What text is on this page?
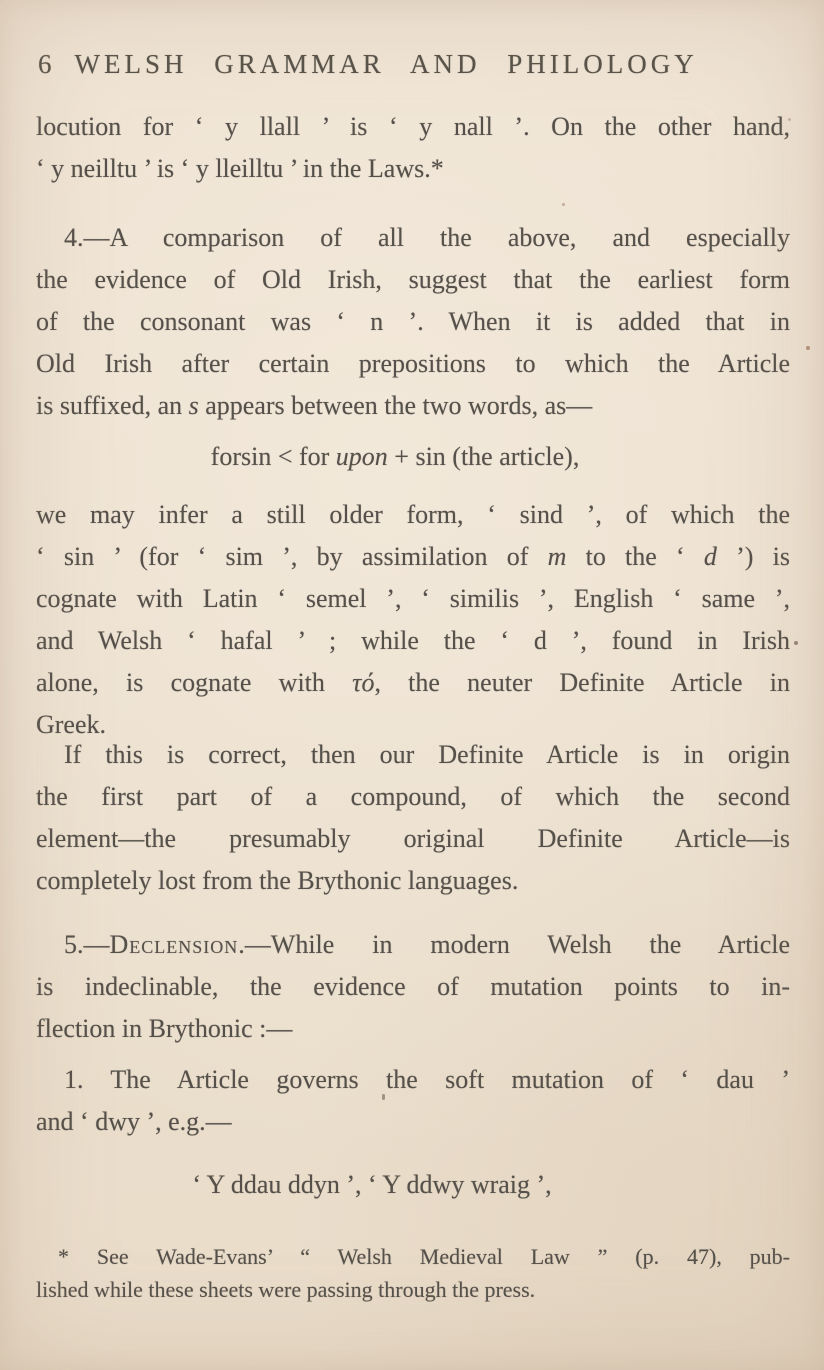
6 WELSH GRAMMAR AND PHILOLOGY
locution for ‘ y llall ’ is ‘ y nall ’. On the other hand,
‘ y neilltu ’ is ‘ y lleilltu ’ in the Laws.*
4.—A comparison of all the above, and especially
the evidence of Old Irish, suggest that the earliest form
of the consonant was ‘ n ’. When it is added that in
Old Irish after certain prepositions to which the Article
is suffixed, an s appears between the two words, as—
forsin < for upon + sin (the article),
we may infer a still older form, ‘ sind ’, of which the
‘ sin ’ (for ‘ sim ’, by assimilation of m to the ‘ d ’) is
cognate with Latin ‘ semel ’, ‘ similis ’, English ‘ same ’,
and Welsh ‘ hafal ’ ; while the ‘ d ’, found in Irish
alone, is cognate with τό, the neuter Definite Article in
Greek.
If this is correct, then our Definite Article is in origin
the first part of a compound, of which the second
element—the presumably original Definite Article—is
completely lost from the Brythonic languages.
5.—Declension.—While in modern Welsh the Article
is indeclinable, the evidence of mutation points to in-
flection in Brythonic :—
1. The Article governs the soft mutation of ‘ dau ’
and ‘ dwy ’, e.g.—
‘ Y ddau ddyn ’, ‘ Y ddwy wraig ’,
* See Wade-Evans’ “ Welsh Medieval Law ” (p. 47), pub-
lished while these sheets were passing through the press.
